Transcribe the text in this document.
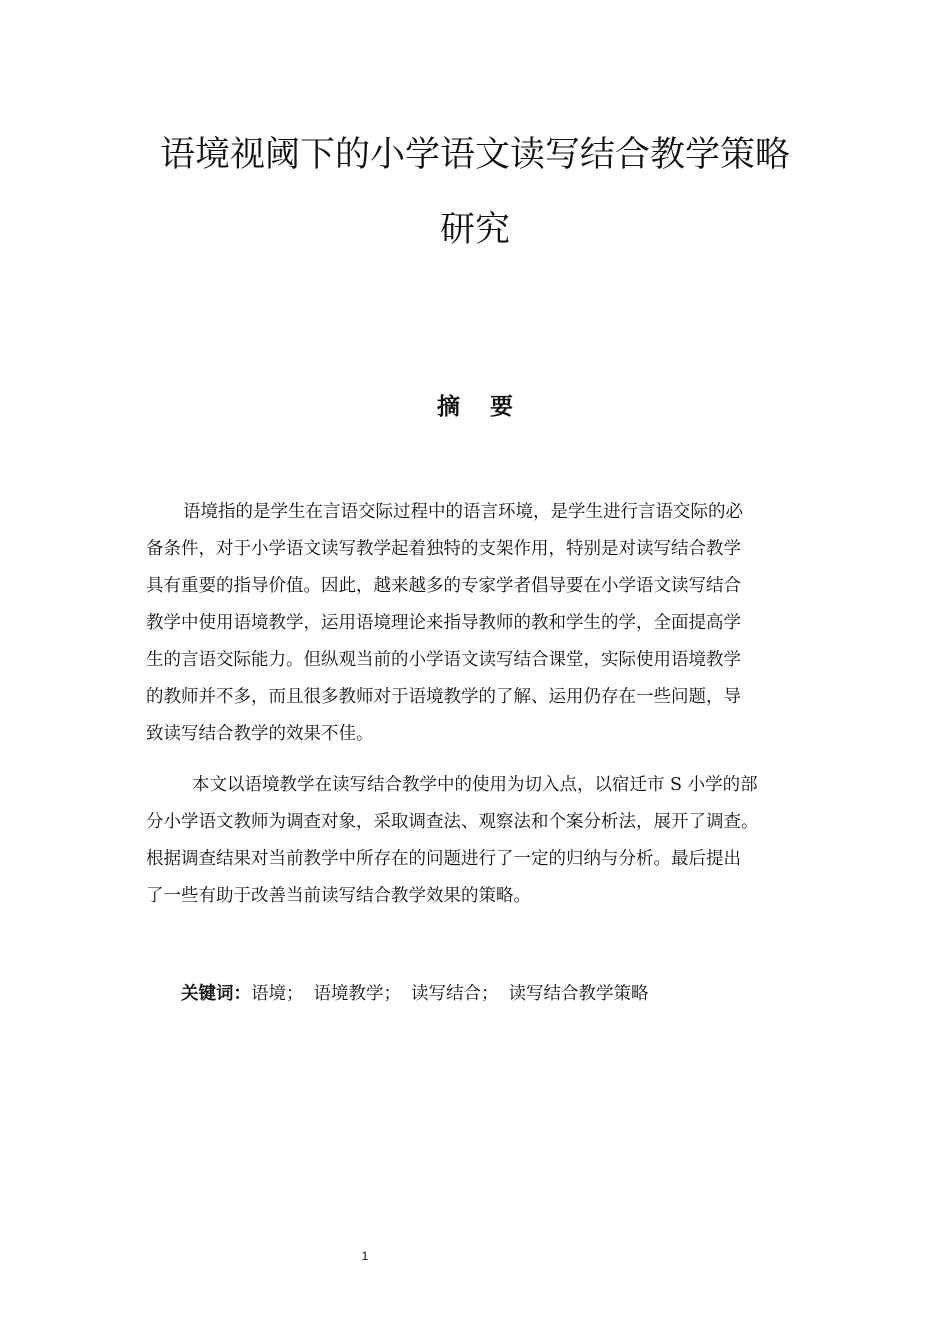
语境视阈下的小学语文读写结合教学策略
研究
摘要
语境指的是学生在言语交际过程中的语言环境，是学生进行言语交际的必
备条件，对于小学语文读写教学起着独特的支架作用，特别是对读写结合教学
具有重要的指导价值。因此，越来越多的专家学者倡导要在小学语文读写结合
教学中使用语境教学，运用语境理论来指导教师的教和学生的学，全面提高学
生的言语交际能力。但纵观当前的小学语文读写结合课堂，实际使用语境教学
的教师并不多，而且很多教师对于语境教学的了解、运用仍存在一些问题，导
致读写结合教学的效果不佳。
本文以语境教学在读写结合教学中的使用为切入点，以宿迁市 S 小学的部
分小学语文教师为调查对象，采取调查法、观察法和个案分析法，展开了调查。
根据调查结果对当前教学中所存在的问题进行了一定的归纳与分析。最后提出
了一些有助于改善当前读写结合教学效果的策略。
关键词：语境； 语境教学； 读写结合； 读写结合教学策略
1
